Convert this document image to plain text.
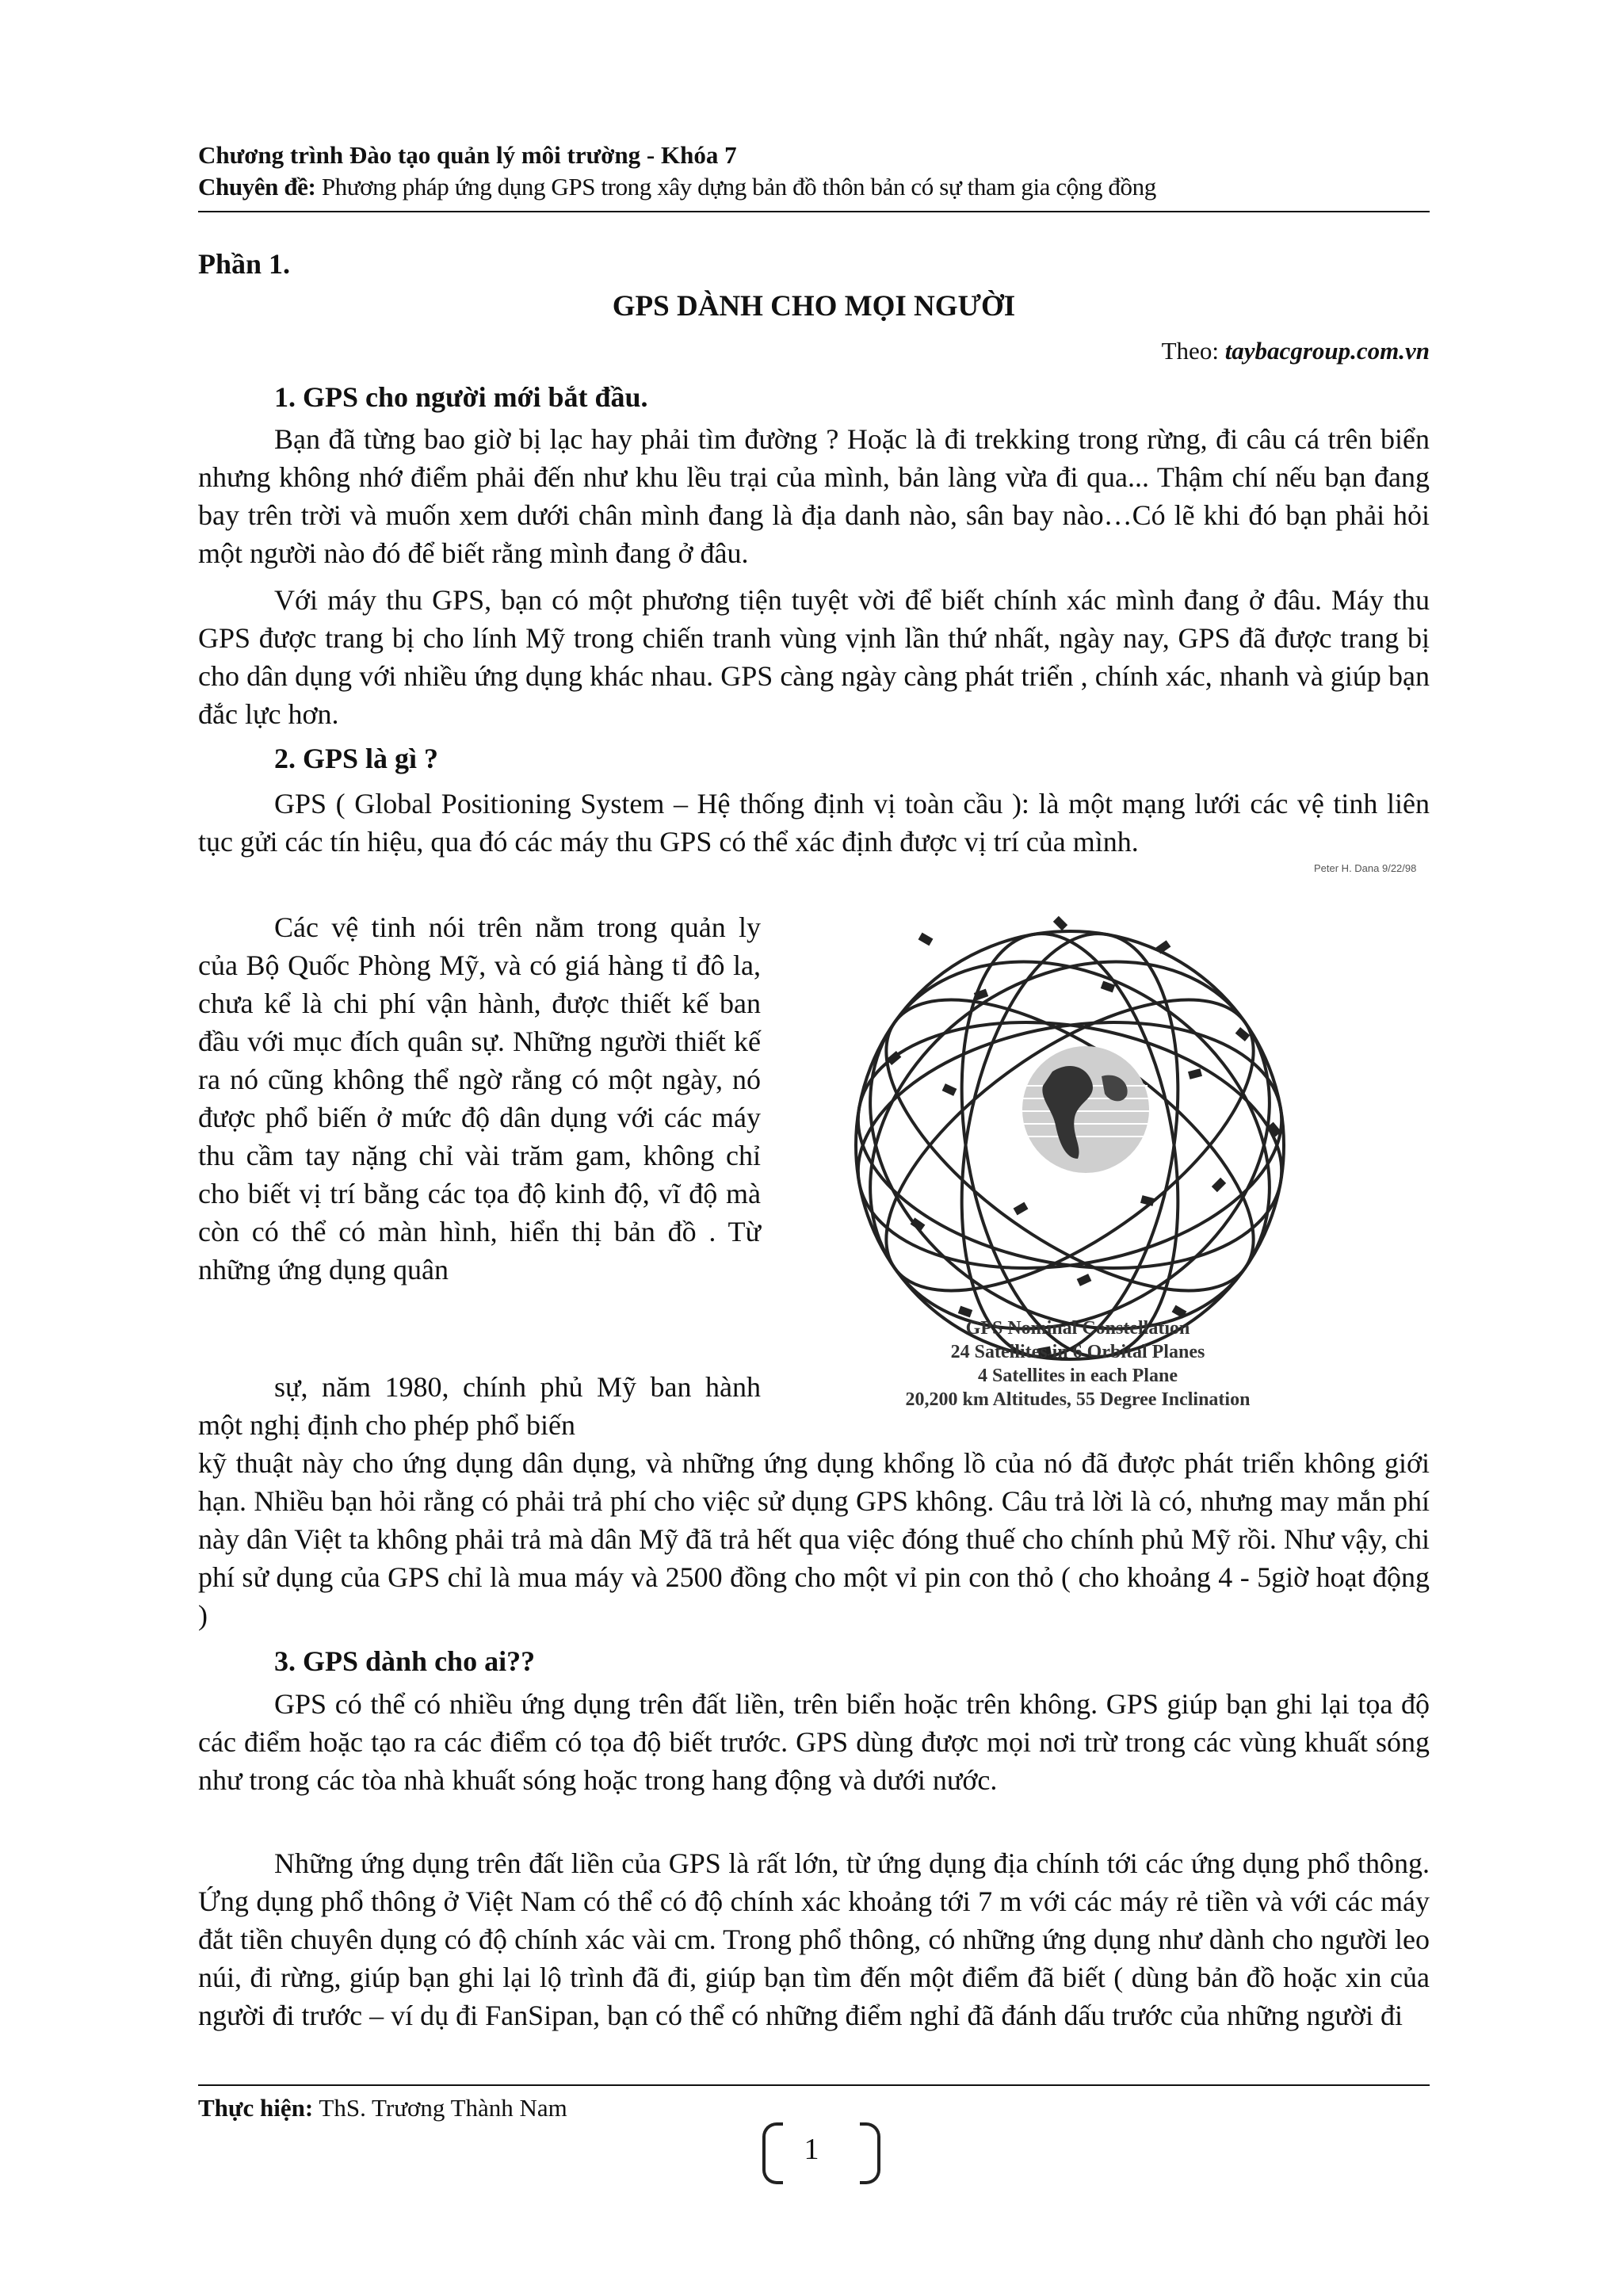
Chương trình Đào tạo quản lý môi trường - Khóa 7
Chuyên đề: Phương pháp ứng dụng GPS trong xây dựng bản đồ thôn bản có sự tham gia cộng đồng
Phần 1.
GPS DÀNH CHO MỌI NGƯỜI
Theo: taybacgroup.com.vn
1. GPS cho người mới bắt đầu.
Bạn đã từng bao giờ bị lạc hay phải tìm đường ? Hoặc là đi trekking trong rừng, đi câu cá trên biển nhưng không nhớ điểm phải đến như khu lều trại của mình, bản làng vừa đi qua... Thậm chí nếu bạn đang bay trên trời và muốn xem dưới chân mình đang là địa danh nào, sân bay nào…Có lẽ khi đó bạn phải hỏi một người nào đó để biết rằng mình đang ở đâu.
Với máy thu GPS, bạn có một phương tiện tuyệt vời để biết chính xác mình đang ở đâu. Máy thu GPS được trang bị cho lính Mỹ trong chiến tranh vùng vịnh lần thứ nhất, ngày nay, GPS đã được trang bị cho dân dụng với nhiều ứng dụng khác nhau. GPS càng ngày càng phát triển , chính xác, nhanh và giúp bạn đắc lực hơn.
2. GPS là gì ?
GPS ( Global Positioning System – Hệ thống định vị toàn cầu ): là một mạng lưới các vệ tinh liên tục gửi các tín hiệu, qua đó các máy thu GPS có thể xác định được vị trí của mình.
Các vệ tinh nói trên nằm trong quản ly của Bộ Quốc Phòng Mỹ, và có giá hàng tỉ đô la, chưa kể là chi phí vận hành, được thiết kế ban đầu với mục đích quân sự. Những người thiết kế ra nó cũng không thể ngờ rằng có một ngày, nó được phổ biến ở mức độ dân dụng với các máy thu cầm tay nặng chỉ vài trăm gam, không chỉ cho biết vị trí bằng các tọa độ kinh độ, vĩ độ mà còn có thể có màn hình, hiển thị bản đồ . Từ những ứng dụng quân
sự, năm 1980, chính phủ Mỹ ban hành một nghị định cho phép phổ biến
kỹ thuật này cho ứng dụng dân dụng, và những ứng dụng khổng lồ của nó đã được phát triển không giới hạn. Nhiều bạn hỏi rằng có phải trả phí cho việc sử dụng GPS không. Câu trả lời là có, nhưng may mắn phí này dân Việt ta không phải trả mà dân Mỹ đã trả hết qua việc đóng thuế cho chính phủ Mỹ rồi. Như vậy, chi phí sử dụng của GPS chỉ là mua máy và 2500 đồng cho một vỉ pin con thỏ ( cho khoảng 4 - 5giờ hoạt động )
3. GPS dành cho ai??
GPS có thể có nhiều ứng dụng trên đất liền, trên biển hoặc trên không. GPS giúp bạn ghi lại tọa độ các điểm hoặc tạo ra các điểm có tọa độ biết trước. GPS dùng được mọi nơi trừ trong các vùng khuất sóng như trong các tòa nhà khuất sóng hoặc trong hang động và dưới nước.
Những ứng dụng trên đất liền của GPS là rất lớn, từ ứng dụng địa chính tới các ứng dụng phổ thông. Ứng dụng phổ thông ở Việt Nam có thể có độ chính xác khoảng tới 7 m với các máy rẻ tiền và với các máy đắt tiền chuyên dụng có độ chính xác vài cm. Trong phổ thông, có những ứng dụng như dành cho người leo núi, đi rừng, giúp bạn ghi lại lộ trình đã đi, giúp bạn tìm đến một điểm đã biết ( dùng bản đồ hoặc xin của người đi trước – ví dụ đi FanSipan, bạn có thể có những điểm nghỉ đã đánh dấu trước của những người đi
Peter H. Dana 9/22/98
GPS Nominal Constellation
24 Satellites in 6 Orbital Planes
4 Satellites in each Plane
20,200 km Altitudes, 55 Degree Inclination
Thực hiện: ThS. Trương Thành Nam
1
